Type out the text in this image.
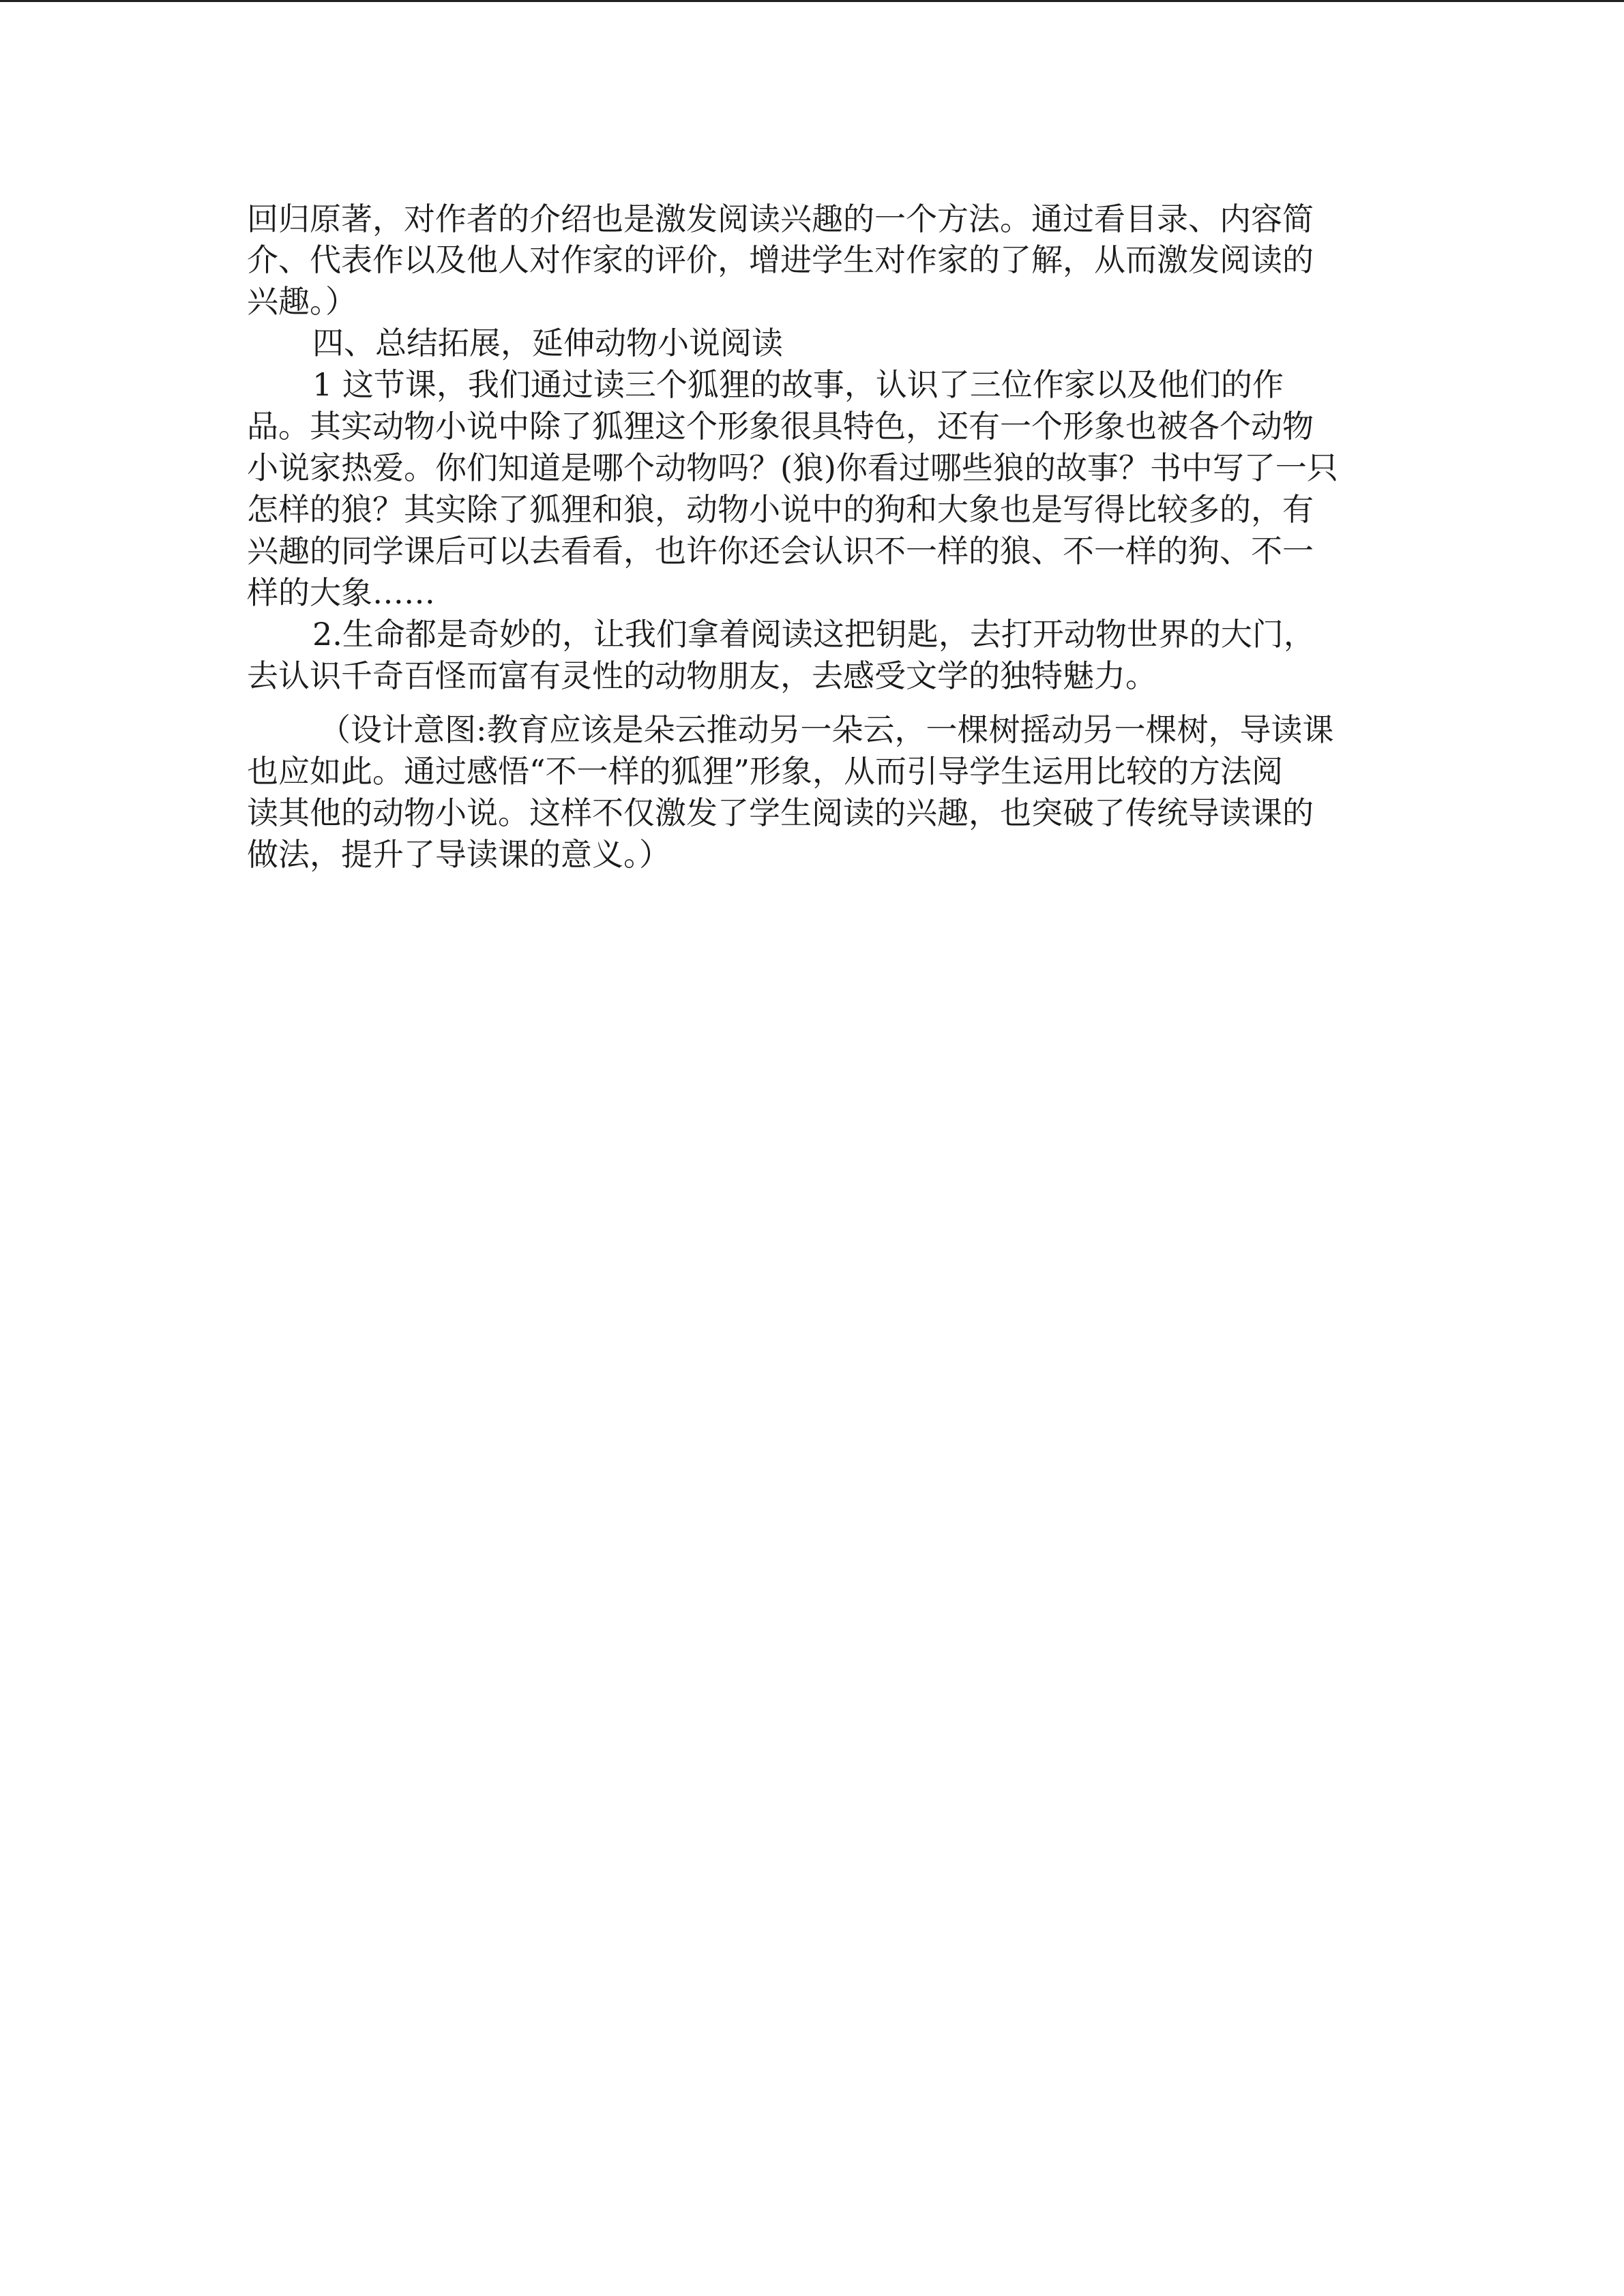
回归原著，对作者的介绍也是激发阅读兴趣的一个方法。通过看目录、内容简
介、代表作以及他人对作家的评价，增进学生对作家的了解，从而激发阅读的
兴趣。）
四、总结拓展，延伸动物小说阅读
1 这节课，我们通过读三个狐狸的故事，认识了三位作家以及他们的作
品。其实动物小说中除了狐狸这个形象很具特色，还有一个形象也被各个动物
小说家热爱。你们知道是哪个动物吗？(狼)你看过哪些狼的故事？书中写了一只
怎样的狼？其实除了狐狸和狼，动物小说中的狗和大象也是写得比较多的，有
兴趣的同学课后可以去看看，也许你还会认识不一样的狼、不一样的狗、不一
样的大象……
2.生命都是奇妙的，让我们拿着阅读这把钥匙，去打开动物世界的大门，
去认识千奇百怪而富有灵性的动物朋友，去感受文学的独特魅力。
（设计意图:教育应该是朵云推动另一朵云，一棵树摇动另一棵树，导读课
也应如此。通过感悟“不一样的狐狸”形象，从而引导学生运用比较的方法阅
读其他的动物小说。这样不仅激发了学生阅读的兴趣，也突破了传统导读课的
做法，提升了导读课的意义。）
